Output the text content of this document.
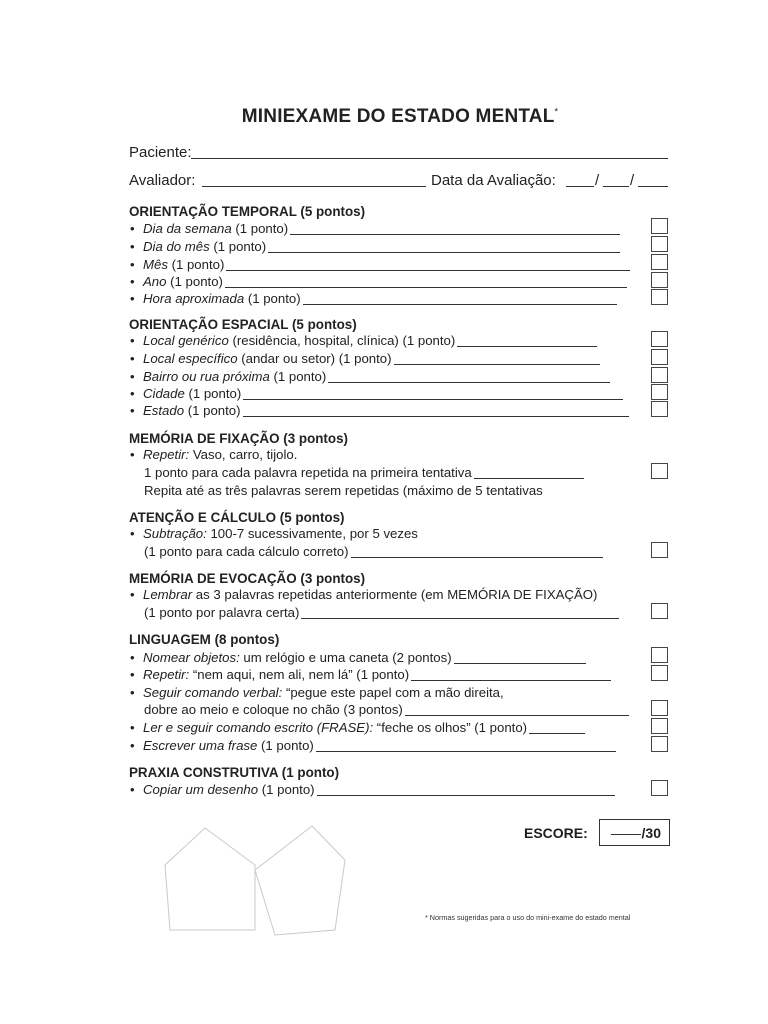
MINIEXAME DO ESTADO MENTAL*
Paciente:
Avaliador:	Data da Avaliação:	/ /
ORIENTAÇÃO TEMPORAL (5 pontos)
• Dia da semana (1 ponto)
• Dia do mês (1 ponto)
• Mês (1 ponto)
• Ano (1 ponto)
• Hora aproximada (1 ponto)
ORIENTAÇÃO ESPACIAL (5 pontos)
• Local genérico (residência, hospital, clínica) (1 ponto)
• Local específico (andar ou setor) (1 ponto)
• Bairro ou rua próxima (1 ponto)
• Cidade (1 ponto)
• Estado (1 ponto)
MEMÓRIA DE FIXAÇÃO (3 pontos)
• Repetir: Vaso, carro, tijolo.
1 ponto para cada palavra repetida na primeira tentativa
Repita até as três palavras serem repetidas (máximo de 5 tentativas
ATENÇÃO E CÁLCULO (5 pontos)
• Subtração: 100-7 sucessivamente, por 5 vezes
(1 ponto para cada cálculo correto)
MEMÓRIA DE EVOCAÇÃO (3 pontos)
• Lembrar as 3 palavras repetidas anteriormente (em MEMÓRIA DE FIXAÇÃO)
(1 ponto por palavra certa)
LINGUAGEM (8 pontos)
• Nomear objetos: um relógio e uma caneta (2 pontos)
• Repetir: “nem aqui, nem ali, nem lá” (1 ponto)
• Seguir comando verbal: “pegue este papel com a mão direita,
dobre ao meio e coloque no chão (3 pontos)
• Ler e seguir comando escrito (FRASE): “feche os olhos” (1 ponto)
• Escrever uma frase (1 ponto)
PRAXIA CONSTRUTIVA (1 ponto)
• Copiar um desenho (1 ponto)
ESCORE:	/30
* Normas sugeridas para o uso do mini-exame do estado mental
